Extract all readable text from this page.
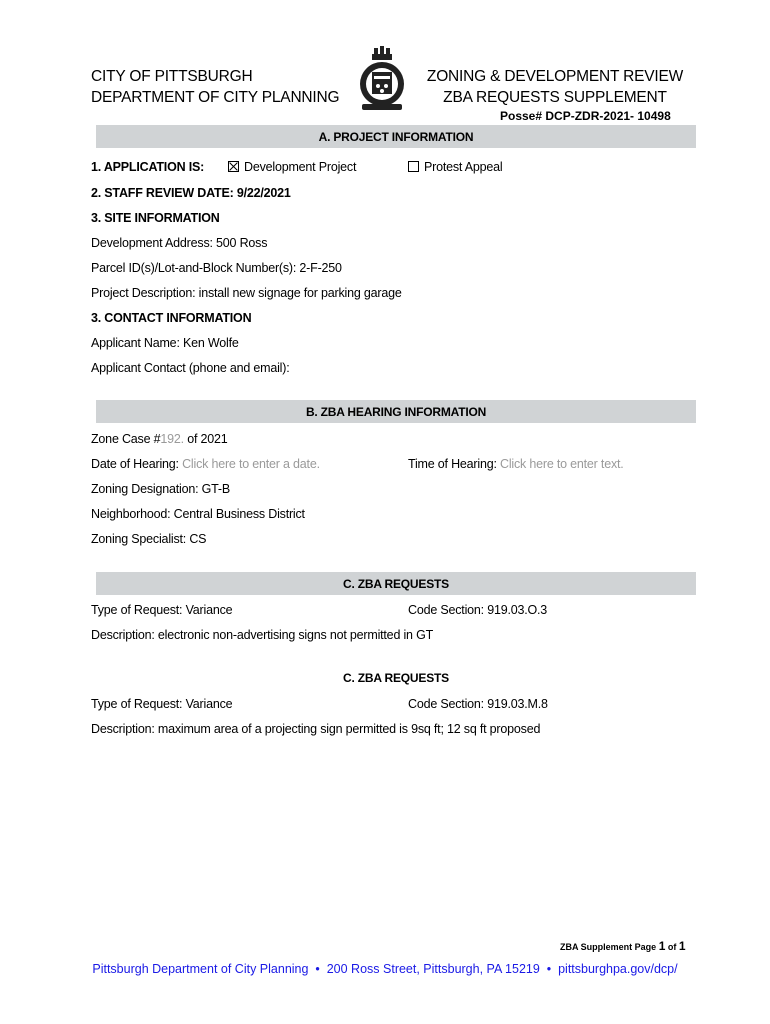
CITY OF PITTSBURGH
DEPARTMENT OF CITY PLANNING
ZONING & DEVELOPMENT REVIEW
ZBA REQUESTS SUPPLEMENT
Posse# DCP-ZDR-2021- 10498
A. PROJECT INFORMATION
1. APPLICATION IS:	Development Project	Protest Appeal
2. STAFF REVIEW DATE: 9/22/2021
3. SITE INFORMATION
Development Address: 500 Ross
Parcel ID(s)/Lot-and-Block Number(s): 2-F-250
Project Description: install new signage for parking garage
3. CONTACT INFORMATION
Applicant Name: Ken Wolfe
Applicant Contact (phone and email):
B. ZBA HEARING INFORMATION
Zone Case #192. of 2021
Date of Hearing: Click here to enter a date.	Time of Hearing: Click here to enter text.
Zoning Designation: GT-B
Neighborhood: Central Business District
Zoning Specialist: CS
C. ZBA REQUESTS
Type of Request: Variance	Code Section: 919.03.O.3
Description: electronic non-advertising signs not permitted in GT
C. ZBA REQUESTS
Type of Request: Variance	Code Section: 919.03.M.8
Description: maximum area of a projecting sign permitted is 9sq ft; 12 sq ft proposed
ZBA Supplement Page 1 of 1
Pittsburgh Department of City Planning  •  200 Ross Street, Pittsburgh, PA 15219  •  pittsburghpa.gov/dcp/
